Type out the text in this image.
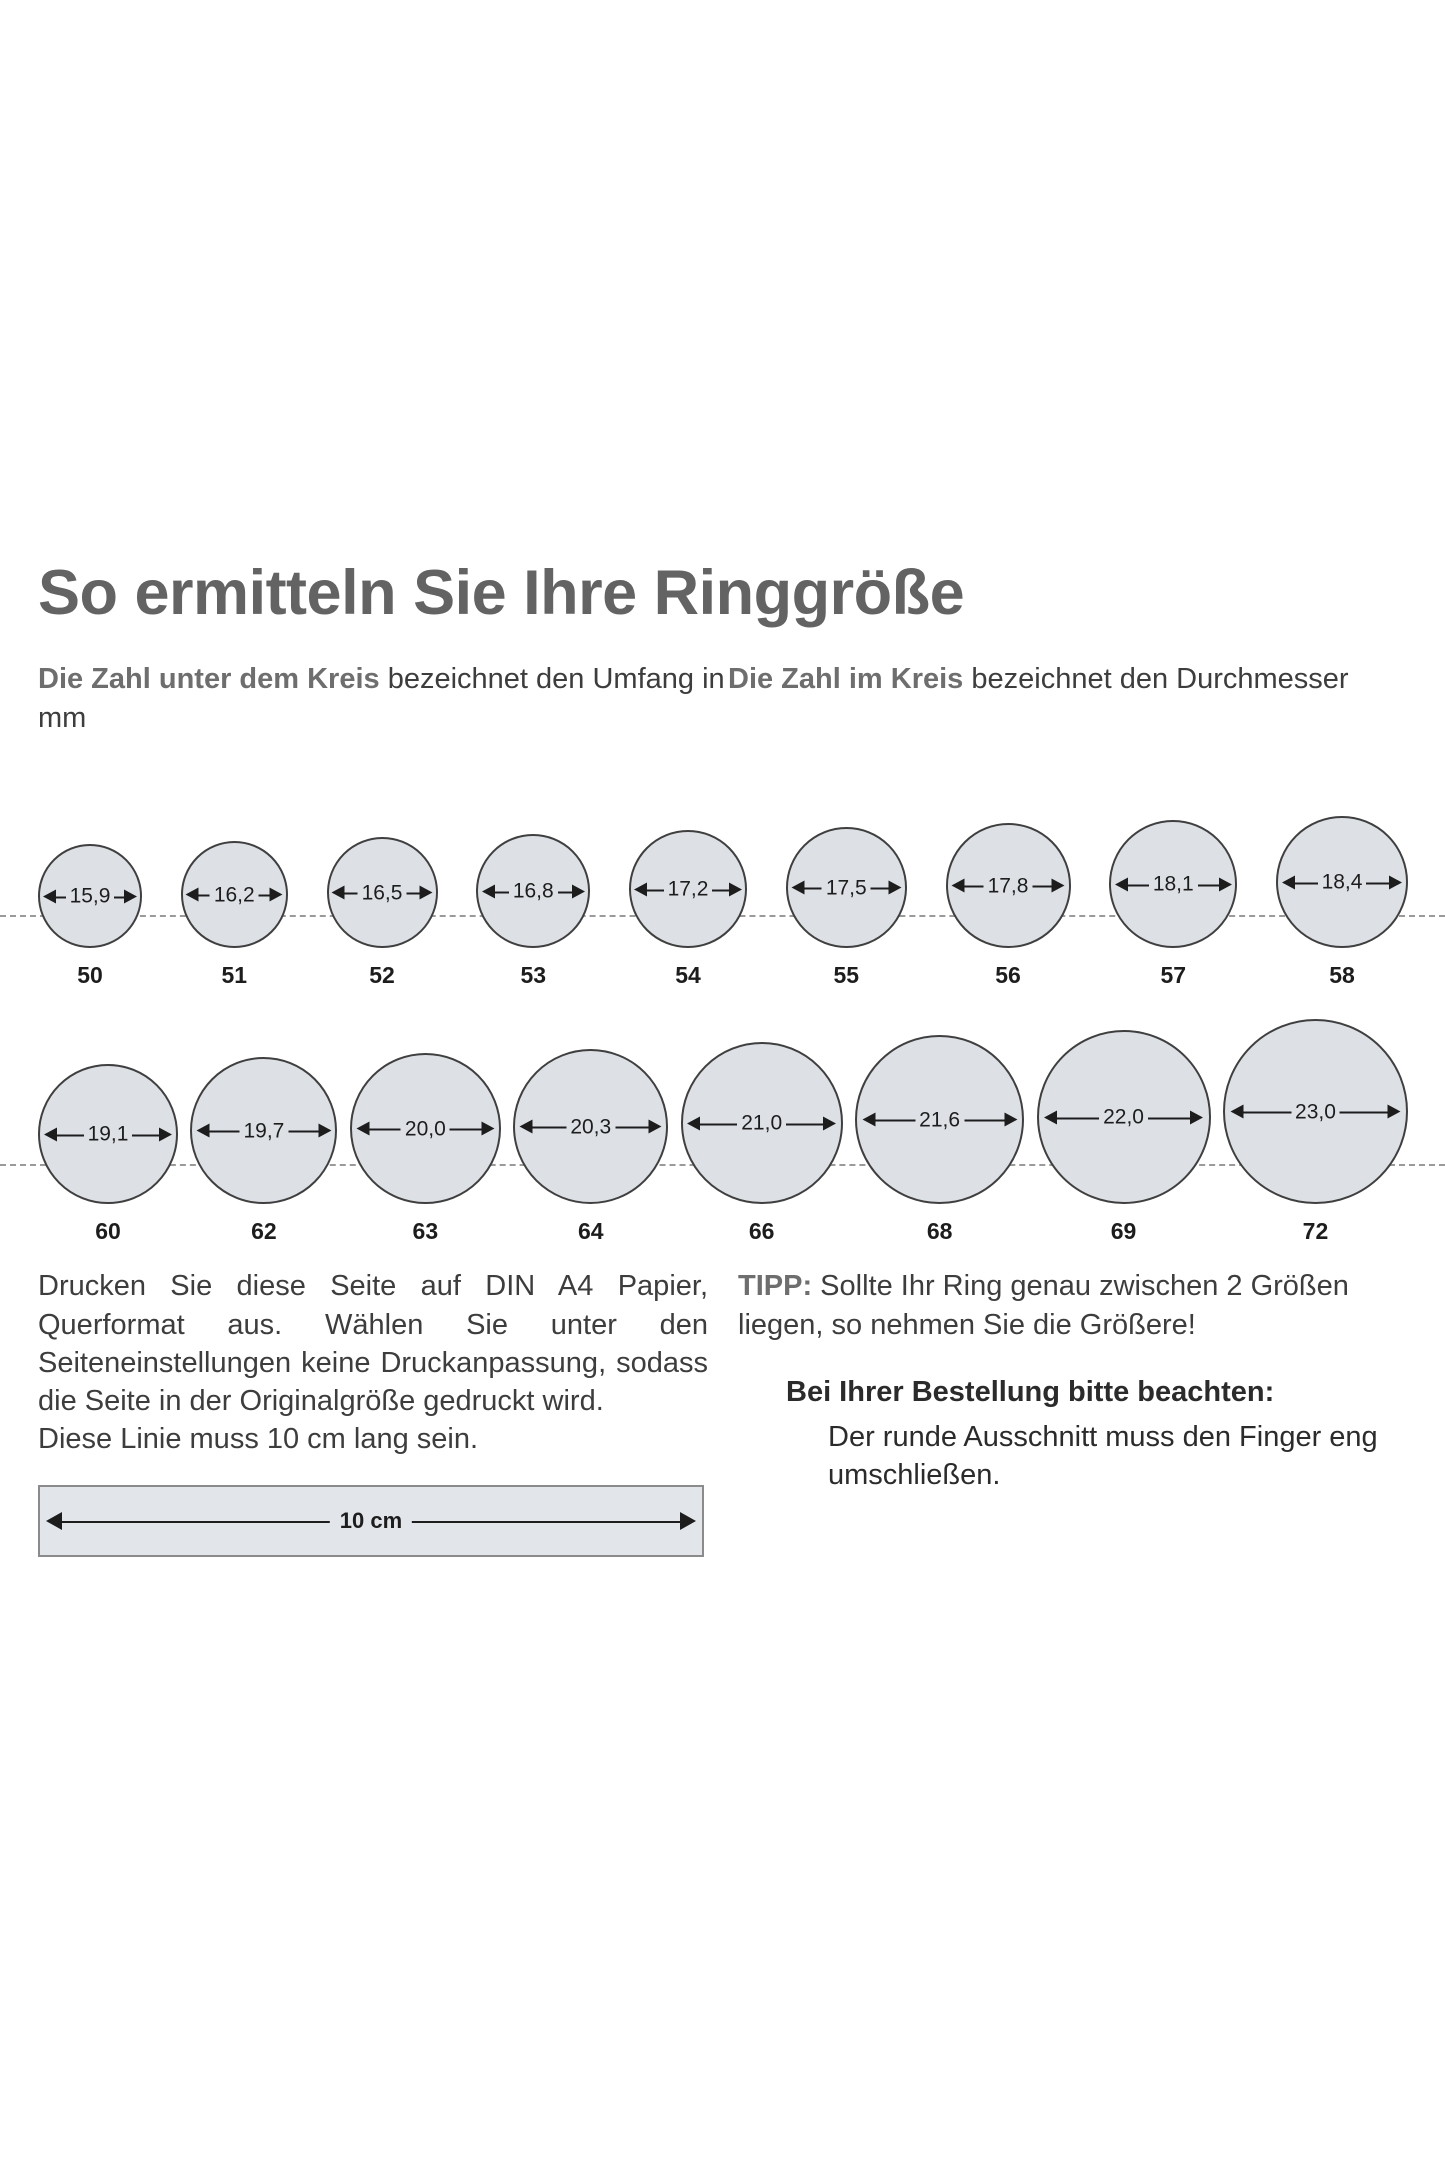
So ermitteln Sie Ihre Ringgröße
Die Zahl unter dem Kreis bezeichnet den Umfang in mm
Die Zahl im Kreis bezeichnet den Durchmesser
15,9
50
16,2
51
16,5
52
16,8
53
17,2
54
17,5
55
17,8
56
18,1
57
18,4
58
19,1
60
19,7
62
20,0
63
20,3
64
21,0
66
21,6
68
22,0
69
23,0
72

Drucken Sie diese Seite auf DIN A4 Papier, Querformat aus. Wählen Sie unter den Seiteneinstellungen keine Druckanpassung, sodass die Seite in der Originalgröße gedruckt wird.

Diese Linie muss 10 cm lang sein.

10 cm

TIPP: Sollte Ihr Ring genau zwischen 2 Größen liegen, so nehmen Sie die Größere!

Bei Ihrer Bestellung bitte beachten:
Der runde Ausschnitt muss den Finger eng umschließen.
